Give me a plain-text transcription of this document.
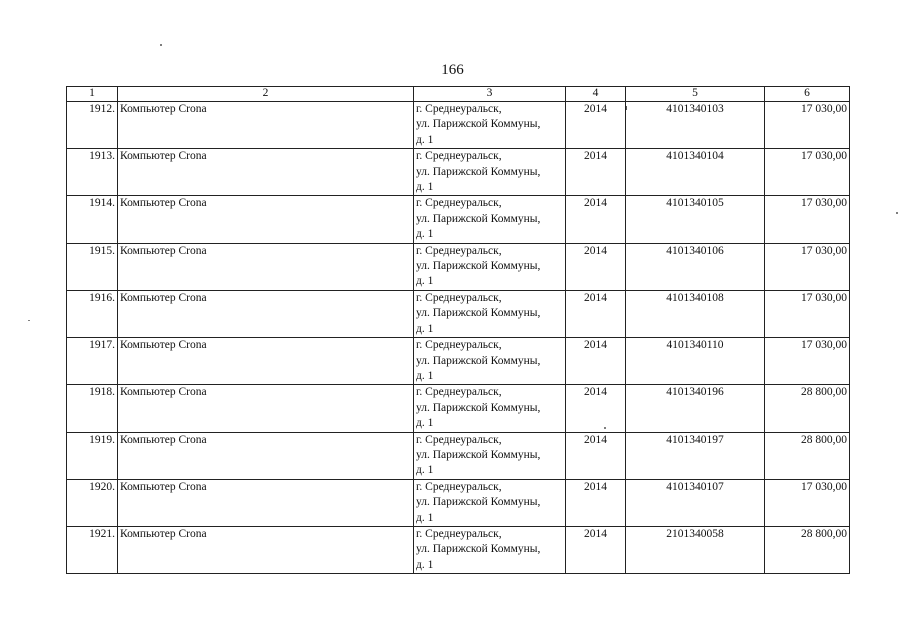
166
1	2	3	4	5	6
1912.	Компьютер Crona	г. Среднеуральск,
ул. Парижской Коммуны,
д. 1	2014	4101340103	17 030,00
1913.	Компьютер Crona	г. Среднеуральск,
ул. Парижской Коммуны,
д. 1	2014	4101340104	17 030,00
1914.	Компьютер Crona	г. Среднеуральск,
ул. Парижской Коммуны,
д. 1	2014	4101340105	17 030,00
1915.	Компьютер Crona	г. Среднеуральск,
ул. Парижской Коммуны,
д. 1	2014	4101340106	17 030,00
1916.	Компьютер Crona	г. Среднеуральск,
ул. Парижской Коммуны,
д. 1	2014	4101340108	17 030,00
1917.	Компьютер Crona	г. Среднеуральск,
ул. Парижской Коммуны,
д. 1	2014	4101340110	17 030,00
1918.	Компьютер Crona	г. Среднеуральск,
ул. Парижской Коммуны,
д. 1	2014	4101340196	28 800,00
1919.	Компьютер Crona	г. Среднеуральск,
ул. Парижской Коммуны,
д. 1	2014	4101340197	28 800,00
1920.	Компьютер Crona	г. Среднеуральск,
ул. Парижской Коммуны,
д. 1	2014	4101340107	17 030,00
1921.	Компьютер Crona	г. Среднеуральск,
ул. Парижской Коммуны,
д. 1	2014	2101340058	28 800,00
